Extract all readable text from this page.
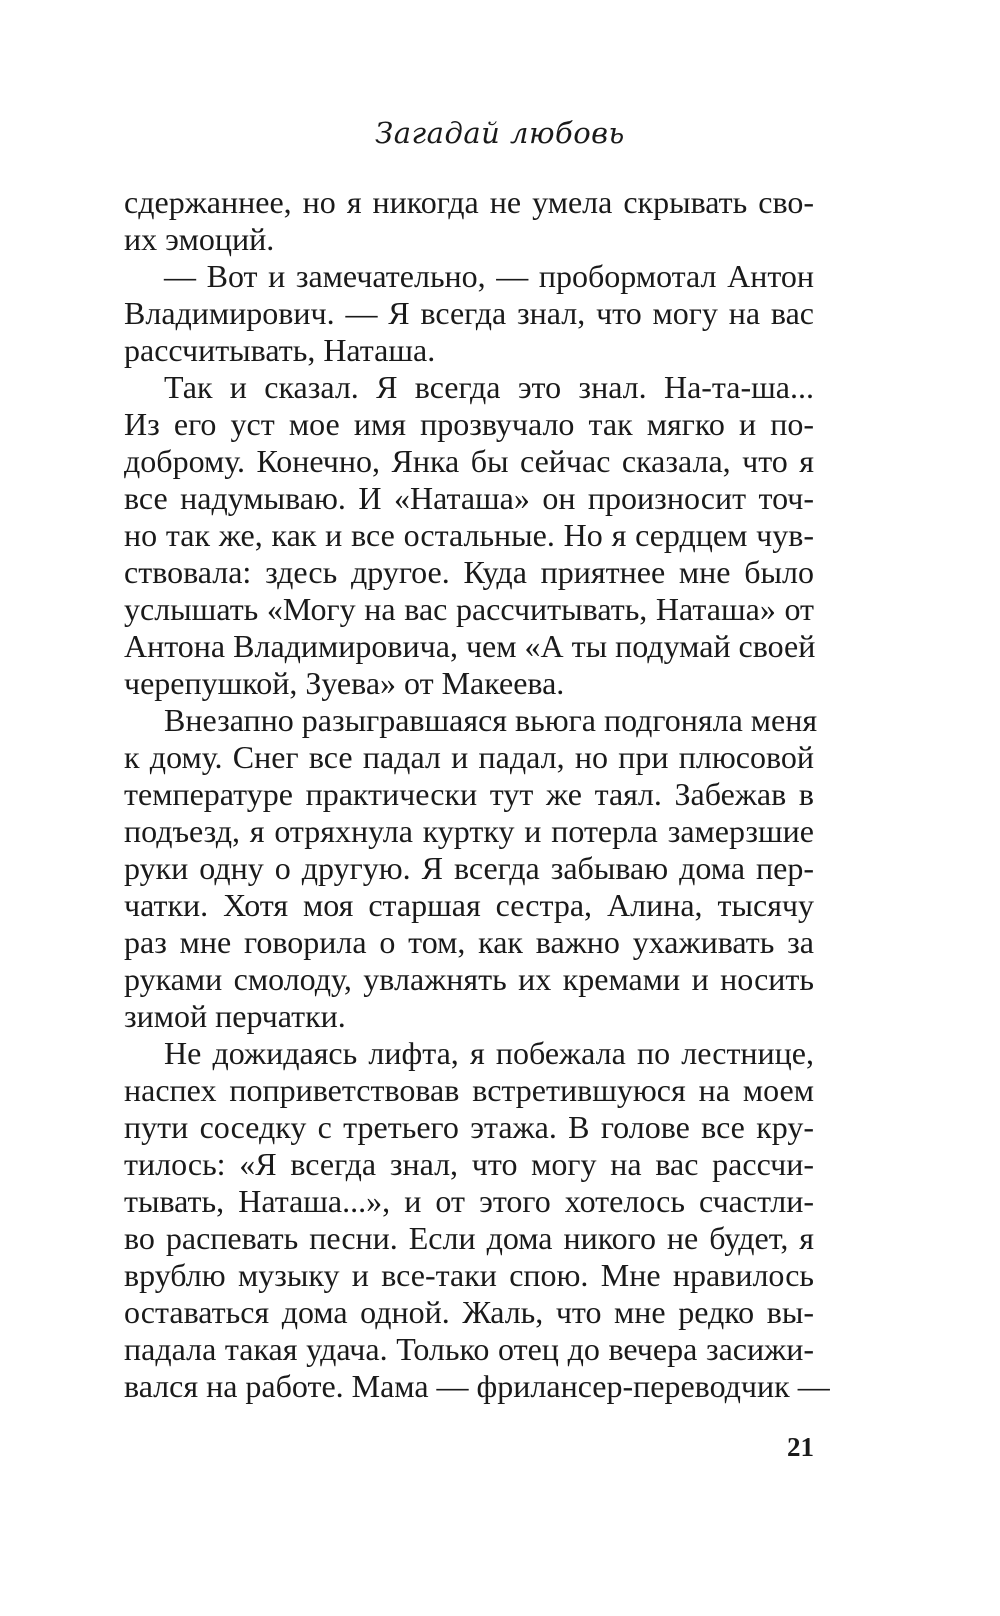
Загадай любовь
сдержаннее, но я никогда не умела скрывать сво-
их эмоций.
— Вот и замечательно, — пробормотал Антон
Владимирович. — Я всегда знал, что могу на вас
рассчитывать, Наташа.
Так и сказал. Я всегда это знал. На-та-ша...
Из его уст мое имя прозвучало так мягко и по-
доброму. Конечно, Янка бы сейчас сказала, что я
все надумываю. И «Наташа» он произносит точ-
но так же, как и все остальные. Но я сердцем чув-
ствовала: здесь другое. Куда приятнее мне было
услышать «Могу на вас рассчитывать, Наташа» от
Антона Владимировича, чем «А ты подумай своей
черепушкой, Зуева» от Макеева.
Внезапно разыгравшаяся вьюга подгоняла меня
к дому. Снег все падал и падал, но при плюсовой
температуре практически тут же таял. Забежав в
подъезд, я отряхнула куртку и потерла замерзшие
руки одну о другую. Я всегда забываю дома пер-
чатки. Хотя моя старшая сестра, Алина, тысячу
раз мне говорила о том, как важно ухаживать за
руками смолоду, увлажнять их кремами и носить
зимой перчатки.
Не дожидаясь лифта, я побежала по лестнице,
наспех поприветствовав встретившуюся на моем
пути соседку с третьего этажа. В голове все кру-
тилось: «Я всегда знал, что могу на вас рассчи-
тывать, Наташа...», и от этого хотелось счастли-
во распевать песни. Если дома никого не будет, я
врублю музыку и все-таки спою. Мне нравилось
оставаться дома одной. Жаль, что мне редко вы-
падала такая удача. Только отец до вечера засижи-
вался на работе. Мама — фрилансер-переводчик —
21
